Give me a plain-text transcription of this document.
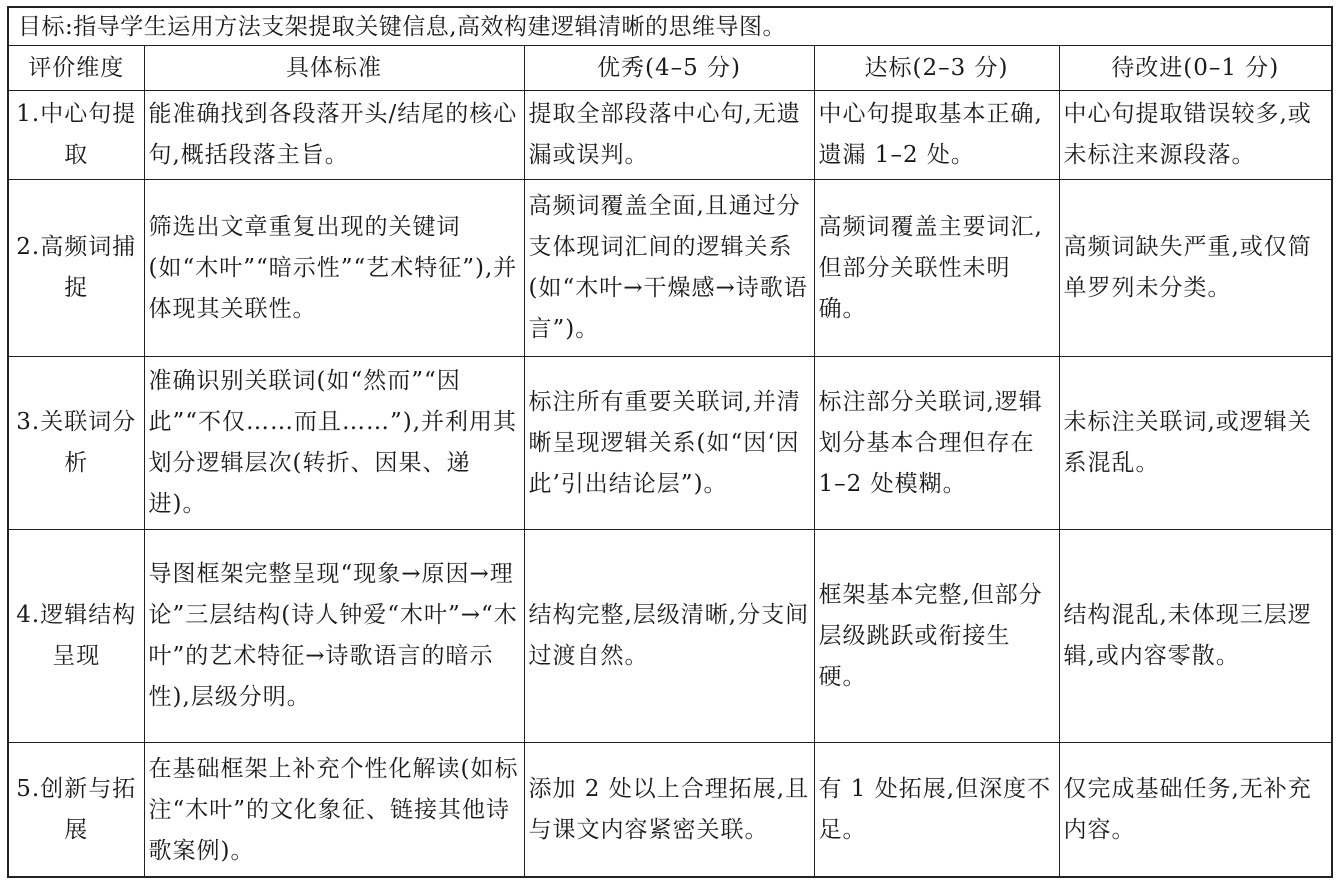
目标:指导学生运用方法支架提取关键信息,高效构建逻辑清晰的思维导图。
评价维度	具体标准	优秀(4–5 分)	达标(2–3 分)	待改进(0–1 分)
1.中心句提取	能准确找到各段落开头/结尾的核心句,概括段落主旨。	提取全部段落中心句,无遗漏或误判。	中心句提取基本正确,遗漏 1–2 处。	中心句提取错误较多,或未标注来源段落。
2.高频词捕捉	筛选出文章重复出现的关键词(如“木叶”“暗示性”“艺术特征”),并体现其关联性。	高频词覆盖全面,且通过分支体现词汇间的逻辑关系(如“木叶→干燥感→诗歌语言”)。	高频词覆盖主要词汇,但部分关联性未明确。	高频词缺失严重,或仅简单罗列未分类。
3.关联词分析	准确识别关联词(如“然而”“因此”“不仅……而且……”),并利用其划分逻辑层次(转折、因果、递进)。	标注所有重要关联词,并清晰呈现逻辑关系(如“因‘因此’引出结论层”)。	标注部分关联词,逻辑划分基本合理但存在 1–2 处模糊。	未标注关联词,或逻辑关系混乱。
4.逻辑结构呈现	导图框架完整呈现“现象→原因→理论”三层结构(诗人钟爱“木叶”→“木叶”的艺术特征→诗歌语言的暗示性),层级分明。	结构完整,层级清晰,分支间过渡自然。	框架基本完整,但部分层级跳跃或衔接生硬。	结构混乱,未体现三层逻辑,或内容零散。
5.创新与拓展	在基础框架上补充个性化解读(如标注“木叶”的文化象征、链接其他诗歌案例)。	添加 2 处以上合理拓展,且与课文内容紧密关联。	有 1 处拓展,但深度不足。	仅完成基础任务,无补充内容。
